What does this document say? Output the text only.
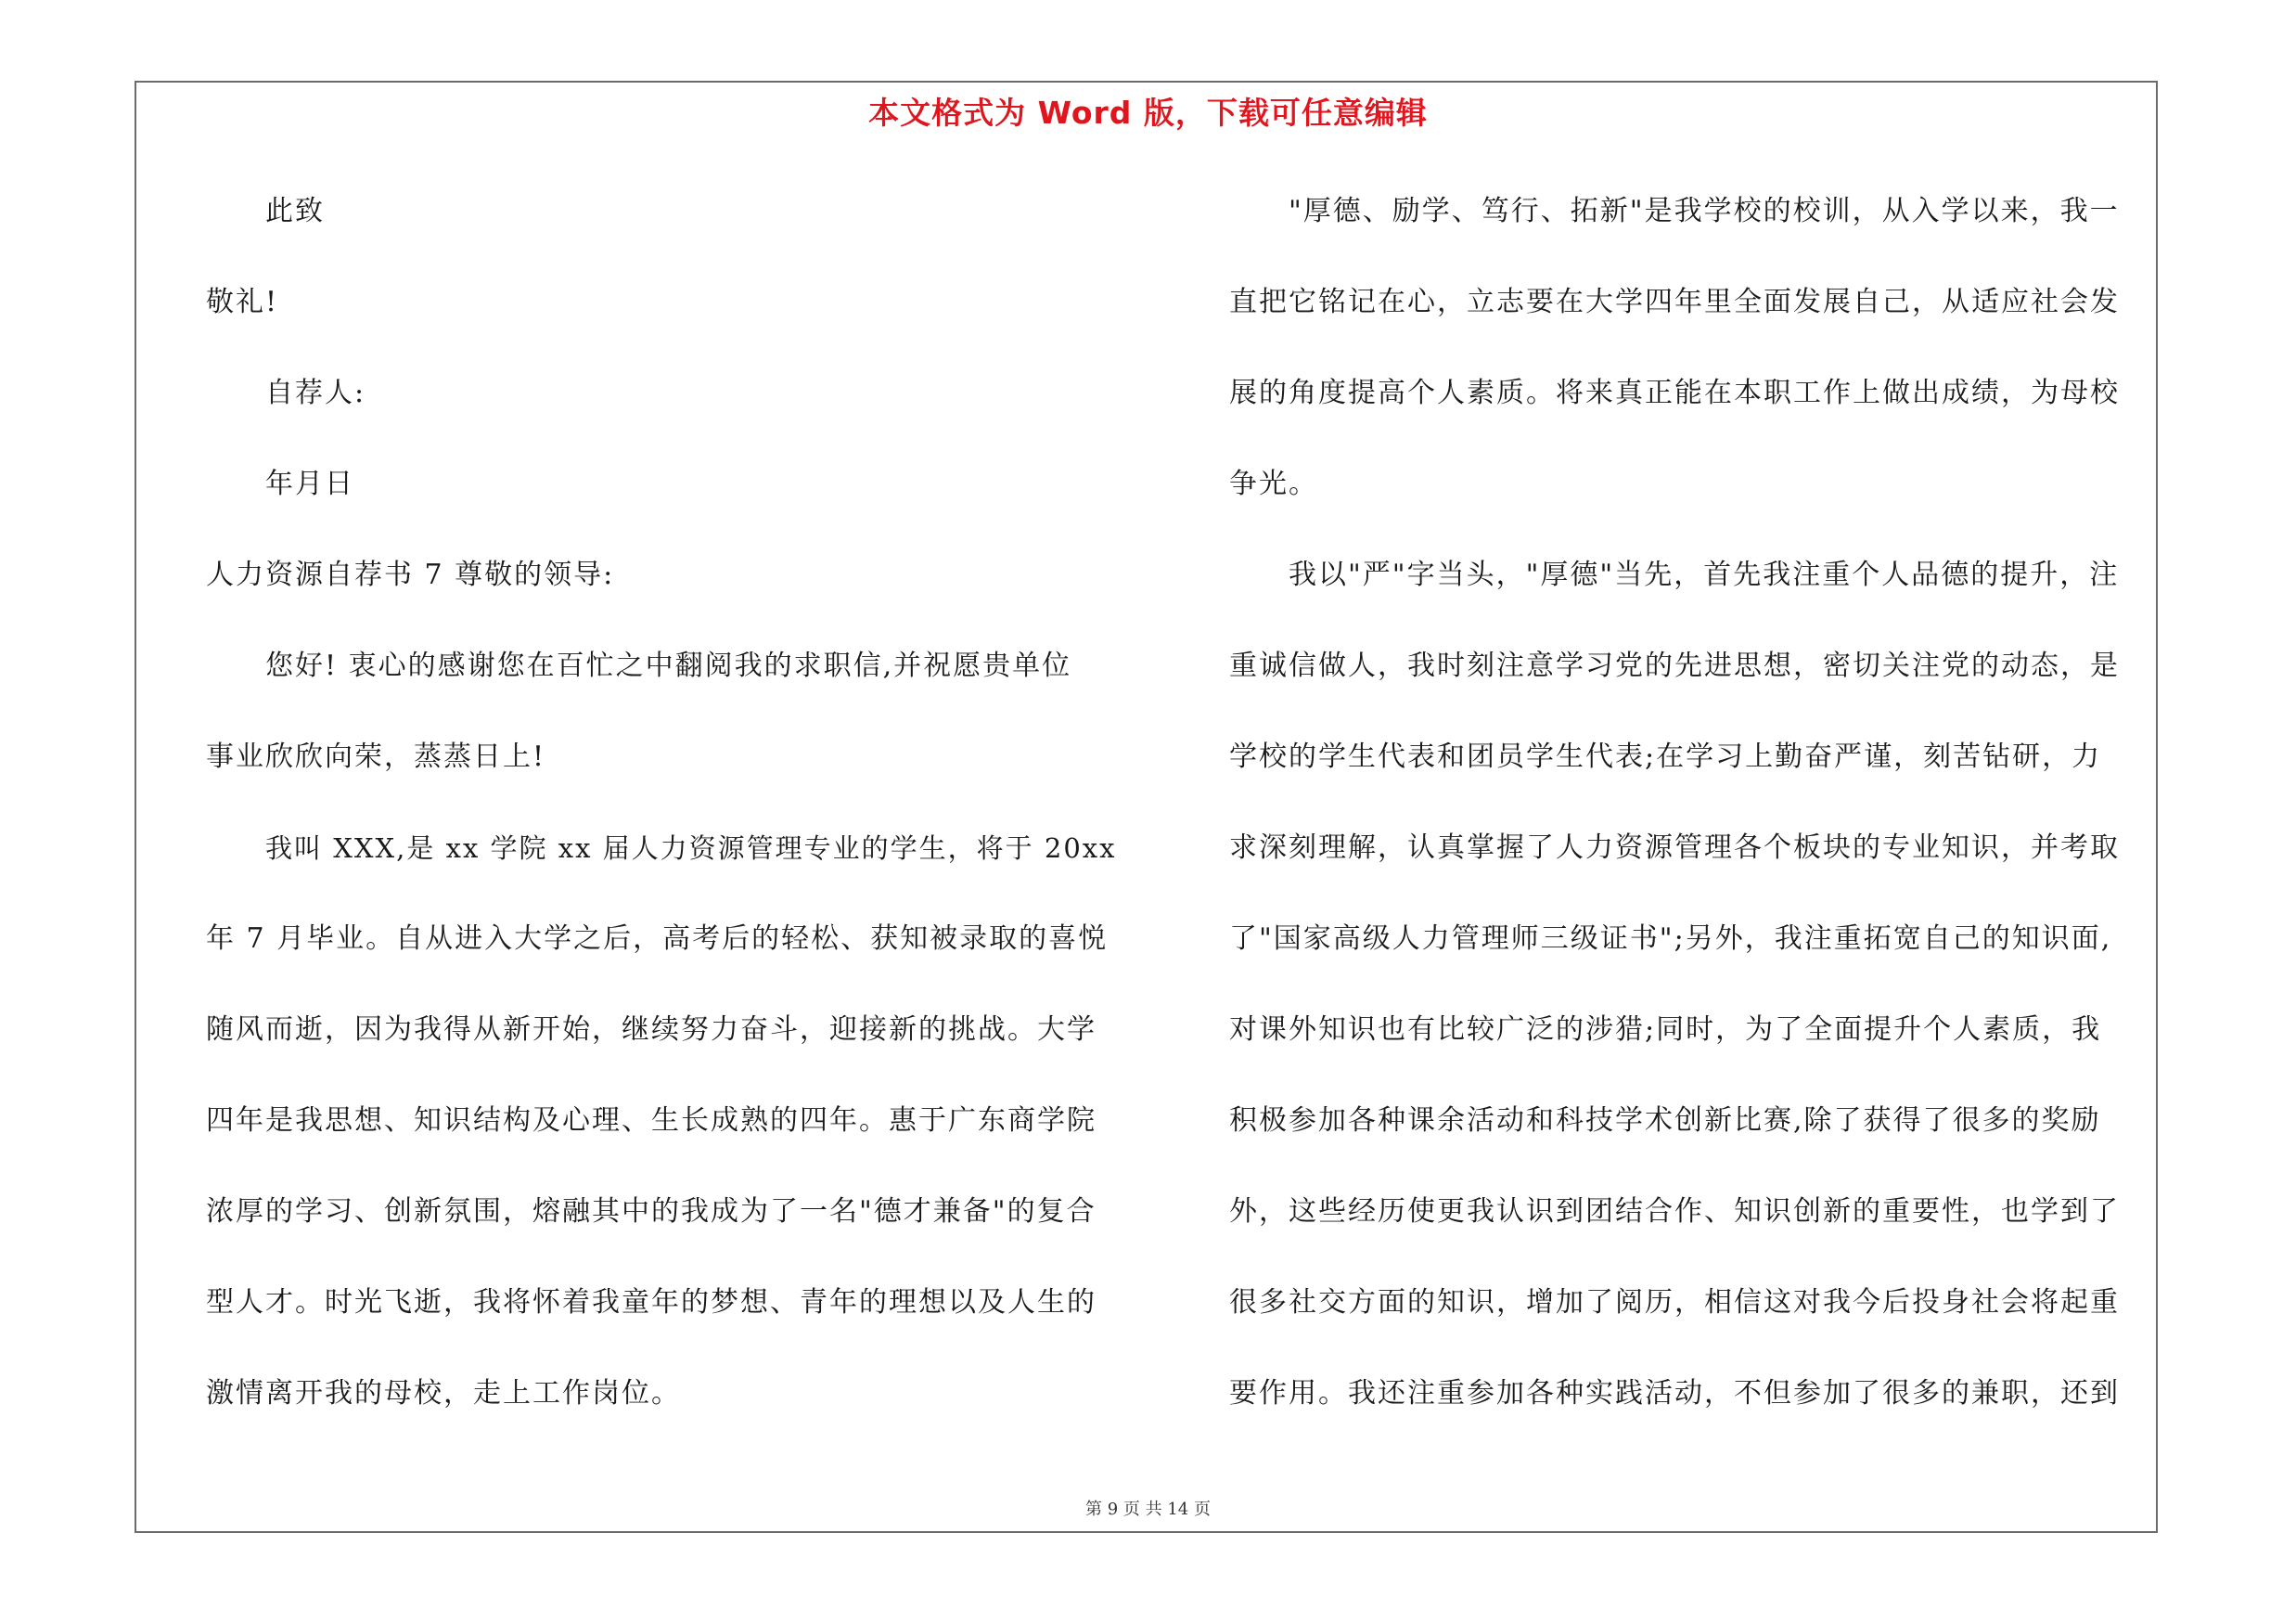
本文格式为 Word 版，下载可任意编辑
此致
敬礼!
自荐人:
年月日
人力资源自荐书 7 尊敬的领导:
您好! 衷心的感谢您在百忙之中翻阅我的求职信,并祝愿贵单位
事业欣欣向荣，蒸蒸日上!
我叫 XXX,是 xx 学院 xx 届人力资源管理专业的学生，将于 20xx
年 7 月毕业。自从进入大学之后，高考后的轻松、获知被录取的喜悦
随风而逝，因为我得从新开始，继续努力奋斗，迎接新的挑战。大学
四年是我思想、知识结构及心理、生长成熟的四年。惠于广东商学院
浓厚的学习、创新氛围，熔融其中的我成为了一名"德才兼备"的复合
型人才。时光飞逝，我将怀着我童年的梦想、青年的理想以及人生的
激情离开我的母校，走上工作岗位。
"厚德、励学、笃行、拓新"是我学校的校训，从入学以来，我一
直把它铭记在心，立志要在大学四年里全面发展自己，从适应社会发
展的角度提高个人素质。将来真正能在本职工作上做出成绩，为母校
争光。
我以"严"字当头，"厚德"当先，首先我注重个人品德的提升，注
重诚信做人，我时刻注意学习党的先进思想，密切关注党的动态，是
学校的学生代表和团员学生代表;在学习上勤奋严谨，刻苦钻研，力
求深刻理解，认真掌握了人力资源管理各个板块的专业知识，并考取
了"国家高级人力管理师三级证书";另外，我注重拓宽自己的知识面,
对课外知识也有比较广泛的涉猎;同时，为了全面提升个人素质，我
积极参加各种课余活动和科技学术创新比赛,除了获得了很多的奖励
外，这些经历使更我认识到团结合作、知识创新的重要性，也学到了
很多社交方面的知识，增加了阅历，相信这对我今后投身社会将起重
要作用。我还注重参加各种实践活动，不但参加了很多的兼职，还到
第 9 页 共 14 页
